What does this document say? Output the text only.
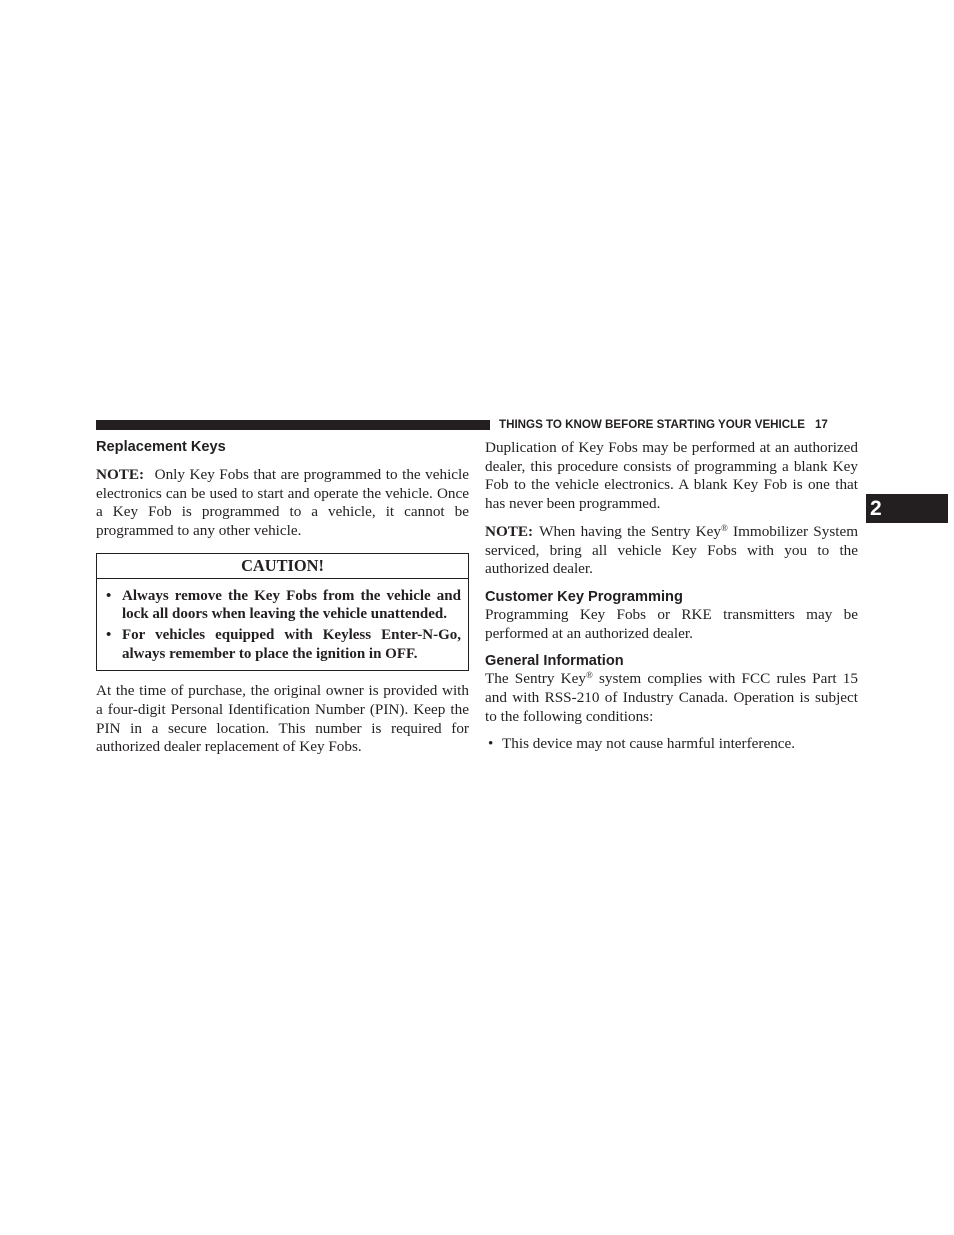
THINGS TO KNOW BEFORE STARTING YOUR VEHICLE 17
2
Replacement Keys

NOTE: Only Key Fobs that are programmed to the vehicle electronics can be used to start and operate the vehicle. Once a Key Fob is programmed to a vehicle, it cannot be programmed to any other vehicle.

CAUTION!
• Always remove the Key Fobs from the vehicle and lock all doors when leaving the vehicle unattended.
• For vehicles equipped with Keyless Enter-N-Go, always remember to place the ignition in OFF.

At the time of purchase, the original owner is provided with a four-digit Personal Identification Number (PIN). Keep the PIN in a secure location. This number is required for authorized dealer replacement of Key Fobs.

Duplication of Key Fobs may be performed at an authorized dealer, this procedure consists of programming a blank Key Fob to the vehicle electronics. A blank Key Fob is one that has never been programmed.

NOTE: When having the Sentry Key® Immobilizer System serviced, bring all vehicle Key Fobs with you to the authorized dealer.

Customer Key Programming

Programming Key Fobs or RKE transmitters may be performed at an authorized dealer.

General Information

The Sentry Key® system complies with FCC rules Part 15 and with RSS-210 of Industry Canada. Operation is subject to the following conditions:

• This device may not cause harmful interference.
